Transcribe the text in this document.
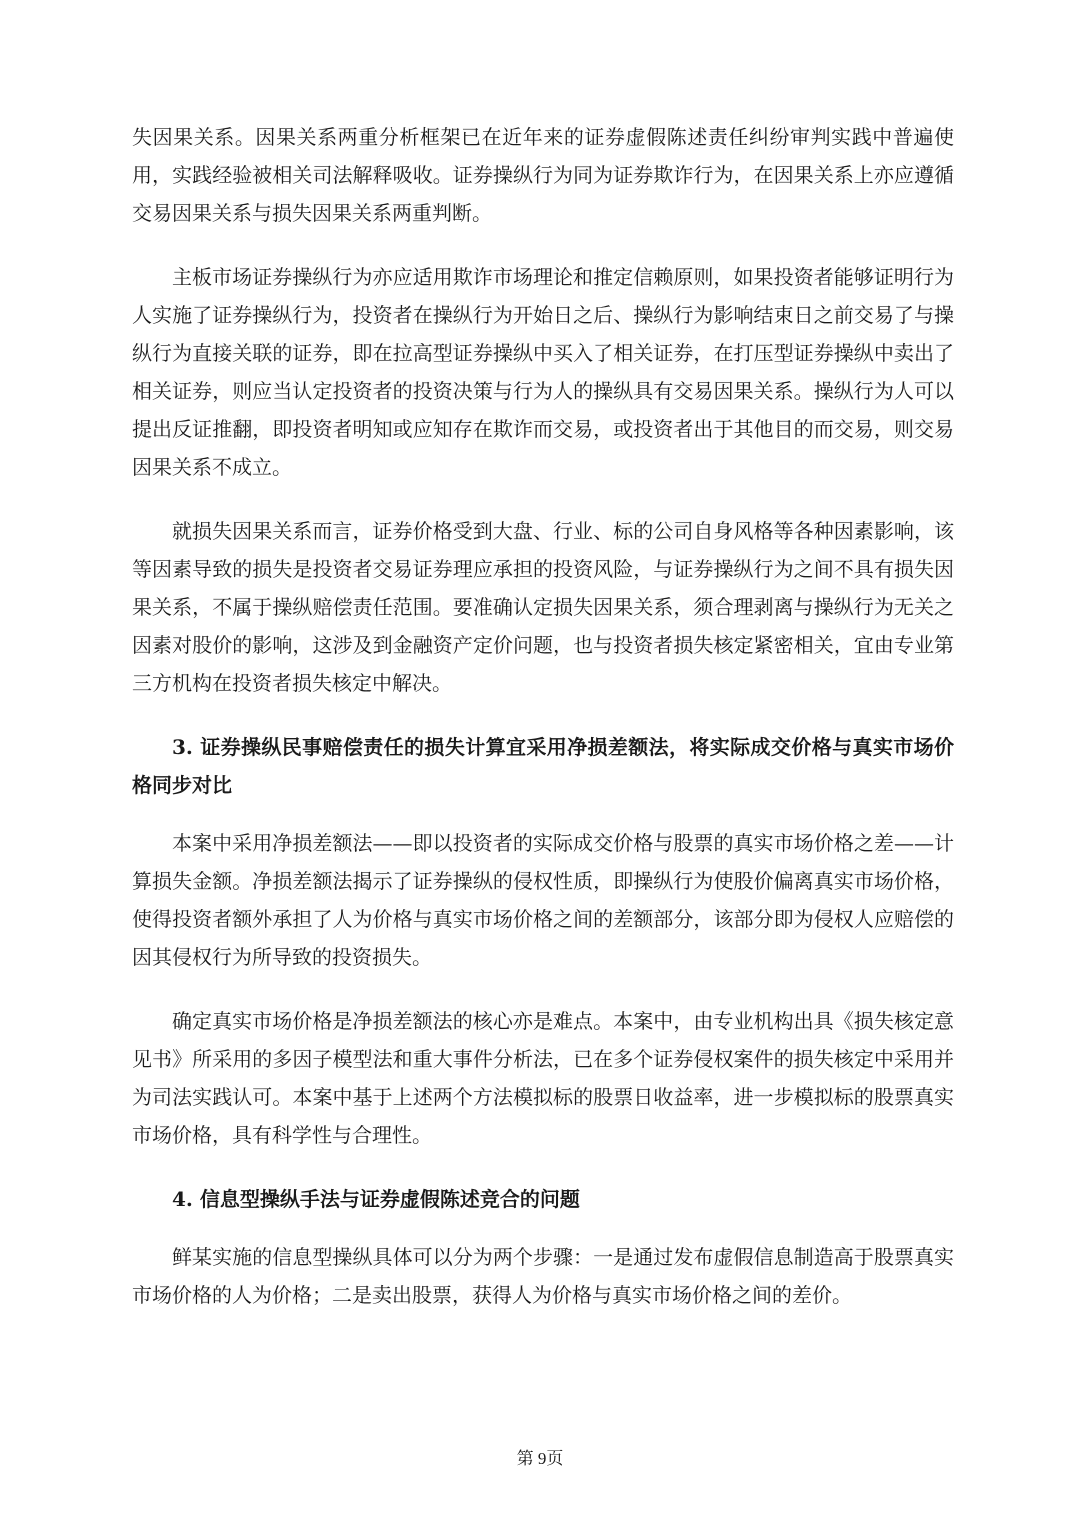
失因果关系。因果关系两重分析框架已在近年来的证券虚假陈述责任纠纷审判实践中普遍使用，实践经验被相关司法解释吸收。证券操纵行为同为证券欺诈行为，在因果关系上亦应遵循交易因果关系与损失因果关系两重判断。

主板市场证券操纵行为亦应适用欺诈市场理论和推定信赖原则，如果投资者能够证明行为人实施了证券操纵行为，投资者在操纵行为开始日之后、操纵行为影响结束日之前交易了与操纵行为直接关联的证券，即在拉高型证券操纵中买入了相关证券，在打压型证券操纵中卖出了相关证券，则应当认定投资者的投资决策与行为人的操纵具有交易因果关系。操纵行为人可以提出反证推翻，即投资者明知或应知存在欺诈而交易，或投资者出于其他目的而交易，则交易因果关系不成立。

就损失因果关系而言，证券价格受到大盘、行业、标的公司自身风格等各种因素影响，该等因素导致的损失是投资者交易证券理应承担的投资风险，与证券操纵行为之间不具有损失因果关系，不属于操纵赔偿责任范围。要准确认定损失因果关系，须合理剥离与操纵行为无关之因素对股价的影响，这涉及到金融资产定价问题，也与投资者损失核定紧密相关，宜由专业第三方机构在投资者损失核定中解决。

3. 证券操纵民事赔偿责任的损失计算宜采用净损差额法，将实际成交价格与真实市场价格同步对比

本案中采用净损差额法——即以投资者的实际成交价格与股票的真实市场价格之差——计算损失金额。净损差额法揭示了证券操纵的侵权性质，即操纵行为使股价偏离真实市场价格，使得投资者额外承担了人为价格与真实市场价格之间的差额部分，该部分即为侵权人应赔偿的因其侵权行为所导致的投资损失。

确定真实市场价格是净损差额法的核心亦是难点。本案中，由专业机构出具《损失核定意见书》所采用的多因子模型法和重大事件分析法，已在多个证券侵权案件的损失核定中采用并为司法实践认可。本案中基于上述两个方法模拟标的股票日收益率，进一步模拟标的股票真实市场价格，具有科学性与合理性。

4. 信息型操纵手法与证券虚假陈述竞合的问题

鲜某实施的信息型操纵具体可以分为两个步骤：一是通过发布虚假信息制造高于股票真实市场价格的人为价格；二是卖出股票，获得人为价格与真实市场价格之间的差价。

第 9页
